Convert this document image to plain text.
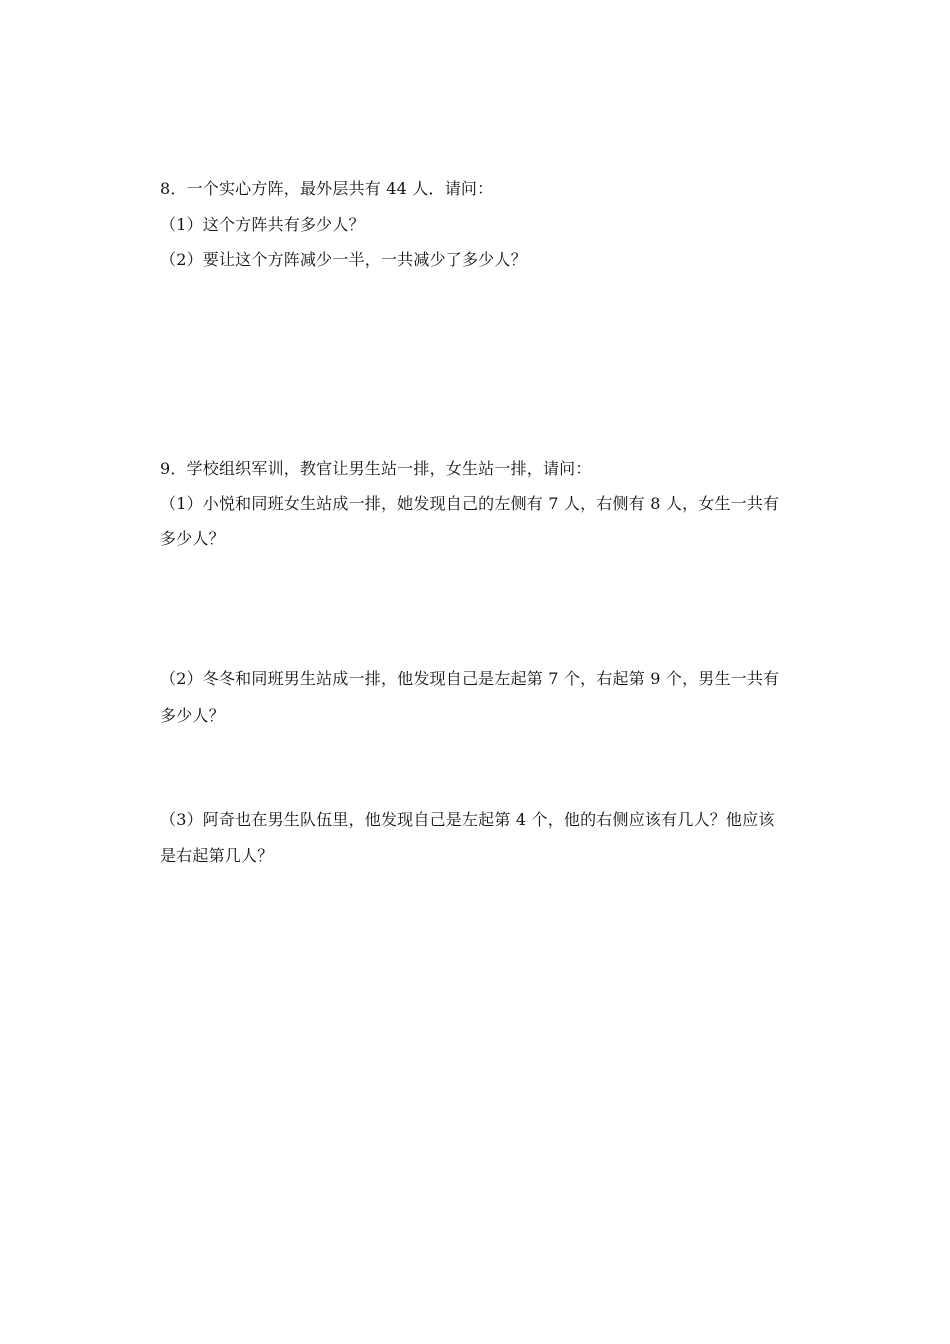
8．一个实心方阵，最外层共有 44 人．请问：
（1）这个方阵共有多少人？
（2）要让这个方阵减少一半，一共减少了多少人？
9．学校组织军训，教官让男生站一排，女生站一排，请问：
（1）小悦和同班女生站成一排，她发现自己的左侧有 7 人，右侧有 8 人，女生一共有
多少人？
（2）冬冬和同班男生站成一排，他发现自己是左起第 7 个，右起第 9 个，男生一共有
多少人？
（3）阿奇也在男生队伍里，他发现自己是左起第 4 个，他的右侧应该有几人？他应该
是右起第几人？
